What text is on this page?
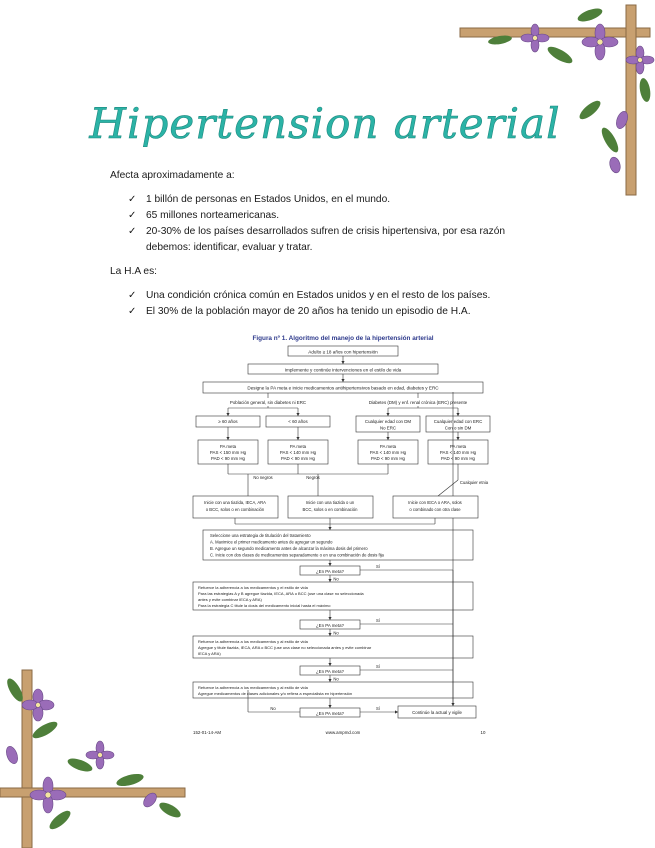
Hipertension arterial
Afecta aproximadamente a:
✓ 1 billón de personas en Estados Unidos, en el mundo.
✓ 65 millones norteamericanas.
✓ 20-30% de los países desarrollados sufren de crisis hipertensiva, por esa razón debemos: identificar, evaluar y tratar.
La H.A es:
✓ Una condición crónica común en Estados unidos y en el resto de los países.
✓ El 30% de la población mayor de 20 años ha tenido un episodio de H.A.
Figura nº 1. Algoritmo del manejo de la hipertensión arterial
Adulto ≥ 18 años con hipertensión
Implemente y continúe intervenciones en el estilo de vida
Designe la PA meta e inicie medicamentos antihipertensivos basado en edad, diabetes y ERC
Población general, sin diabetes ni ERC	Diabetes (DM) y enf. renal crónica (ERC) presente
≥ 60 años	< 60 años	Cualquier edad con DM
No ERC
Cualquier edad con ERC
Con o sin DM
PA meta
PAS < 150 mm Hg
PAD < 90 mm Hg
PA meta
PAS < 140 mm Hg
PAD < 90 mm Hg
PA meta
PAS < 140 mm Hg
PAD < 90 mm Hg
PA meta
PAS < 140 mm Hg
PAD < 90 mm Hg
No negros	Negros
Cualquier etnia
Inicie con una tiazida, IECA, ARA
o BCC, solos o en combinación
Inicie con una tiazida o un
BCC, solos o en combinación
Inicie con IECA o ARA, solos
o combinado con otra clase
Seleccione una estrategia de titulación del tratamiento
A. Maximice el primer medicamento antes de agregar un segundo
B. Agregue un segundo medicamento antes de alcanzar la máxima dosis del primero
C. Inicie con dos clases de medicamentos separadamente o en una combinación de dosis fija
¿En PA meta?
Sí
No
Refuerce la adherencia a los medicamentos y el estilo de vida
Para las estrategias A y B agregue tiazida, IECA, ARA o BCC (use una clase no seleccionada
antes y evite combinar IECA y ARA)
Para la estrategia C titule la dosis del medicamento inicial hasta el máximo
¿En PA meta?
Sí
No
Refuerce la adherencia a los medicamentos y al estilo de vida
Agregue y titule tiazida, IECA, ARA o BCC (use una clase no seleccionada antes y evite combinar
IECA y ARA)
¿En PA meta?
Sí
No
Refuerce la adherencia a los medicamentos y al estilo de vida
Agregue medicamentos de clases adicionales y/o refiera a especialista en hipertensión
¿En PA meta?
No	Sí
Continúe la actual y vigile
152-01-14-AM	www.ampmd.com	10
